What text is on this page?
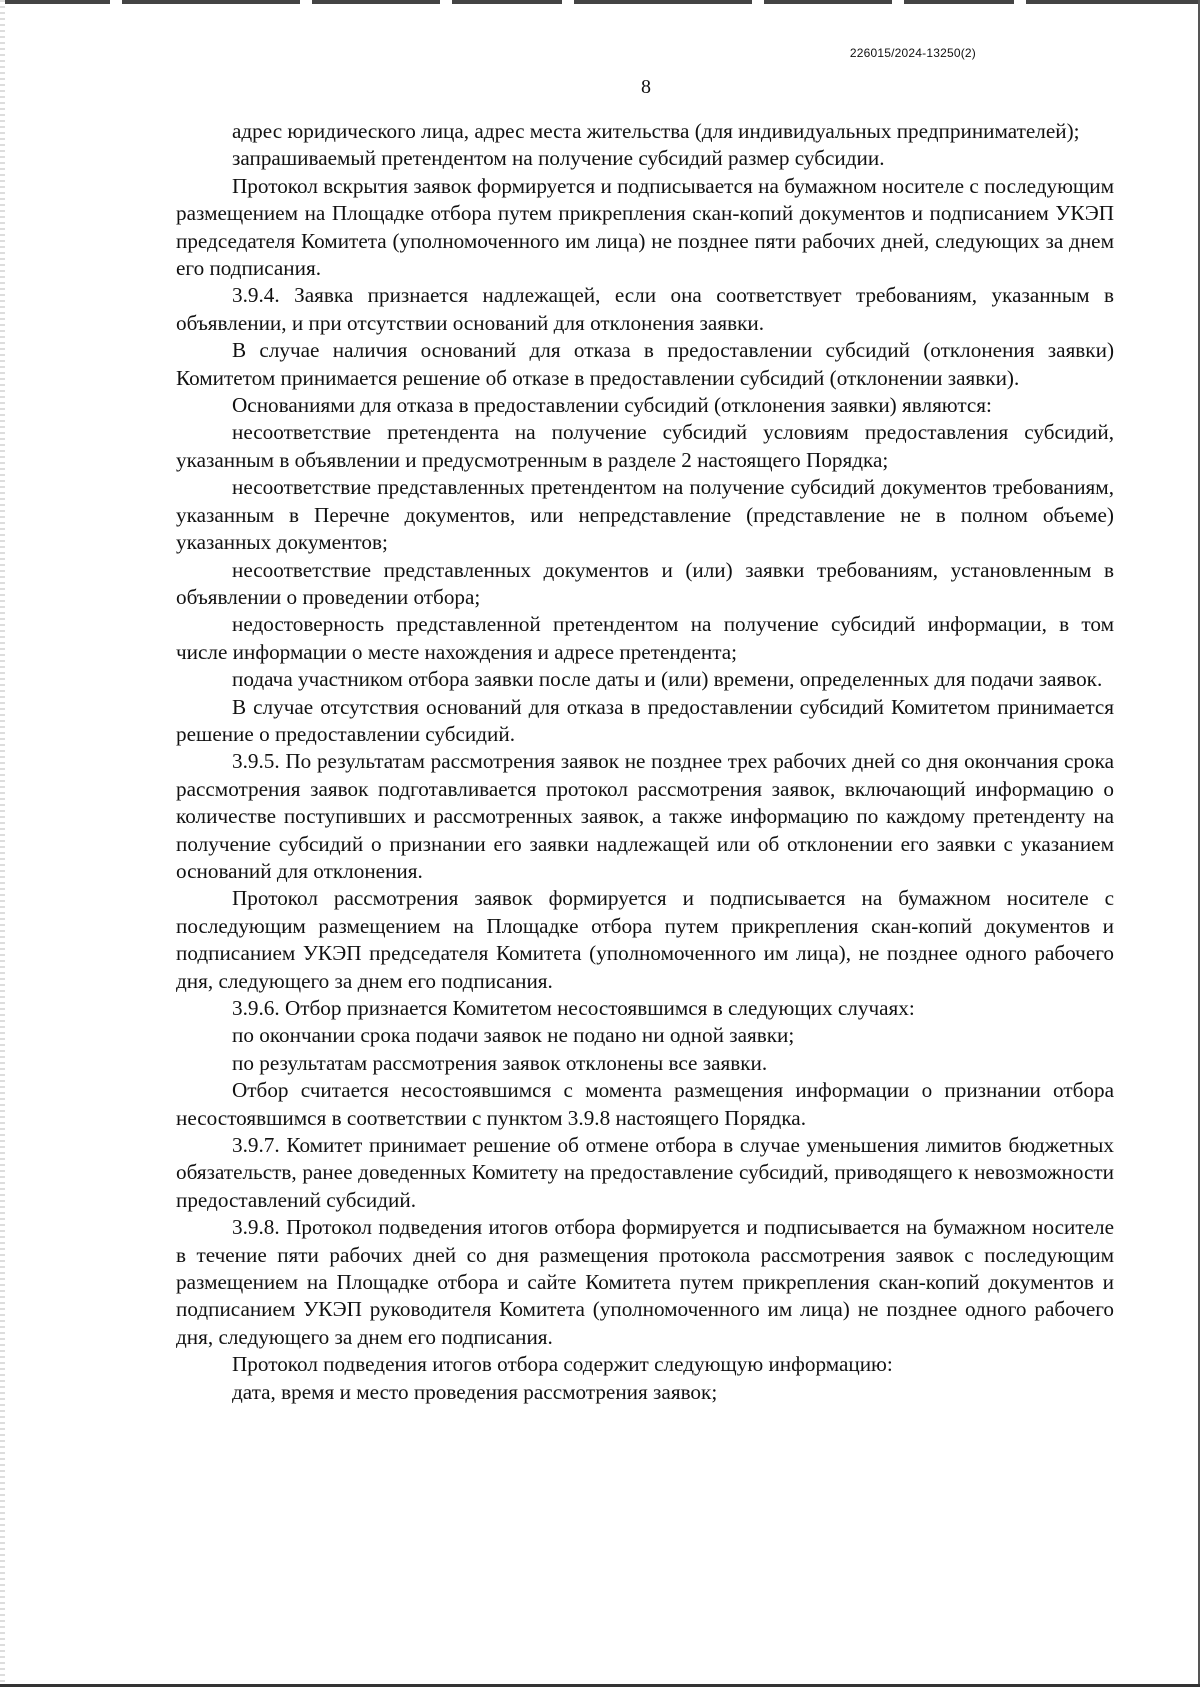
226015/2024-13250(2)
8

адрес юридического лица, адрес места жительства (для индивидуальных предпринимателей);

запрашиваемый претендентом на получение субсидий размер субсидии.

Протокол вскрытия заявок формируется и подписывается на бумажном носителе с последующим размещением на Площадке отбора путем прикрепления скан-копий документов и подписанием УКЭП председателя Комитета (уполномоченного им лица) не позднее пяти рабочих дней, следующих за днем его подписания.

3.9.4. Заявка признается надлежащей, если она соответствует требованиям, указанным в объявлении, и при отсутствии оснований для отклонения заявки.

В случае наличия оснований для отказа в предоставлении субсидий (отклонения заявки) Комитетом принимается решение об отказе в предоставлении субсидий (отклонении заявки).

Основаниями для отказа в предоставлении субсидий (отклонения заявки) являются:

несоответствие претендента на получение субсидий условиям предоставления субсидий, указанным в объявлении и предусмотренным в разделе 2 настоящего Порядка;

несоответствие представленных претендентом на получение субсидий документов требованиям, указанным в Перечне документов, или непредставление (представление не в полном объеме) указанных документов;

несоответствие представленных документов и (или) заявки требованиям, установленным в объявлении о проведении отбора;

недостоверность представленной претендентом на получение субсидий информации, в том числе информации о месте нахождения и адресе претендента;

подача участником отбора заявки после даты и (или) времени, определенных для подачи заявок.

В случае отсутствия оснований для отказа в предоставлении субсидий Комитетом принимается решение о предоставлении субсидий.

3.9.5. По результатам рассмотрения заявок не позднее трех рабочих дней со дня окончания срока рассмотрения заявок подготавливается протокол рассмотрения заявок, включающий информацию о количестве поступивших и рассмотренных заявок, а также информацию по каждому претенденту на получение субсидий о признании его заявки надлежащей или об отклонении его заявки с указанием оснований для отклонения.

Протокол рассмотрения заявок формируется и подписывается на бумажном носителе с последующим размещением на Площадке отбора путем прикрепления скан-копий документов и подписанием УКЭП председателя Комитета (уполномоченного им лица), не позднее одного рабочего дня, следующего за днем его подписания.

3.9.6. Отбор признается Комитетом несостоявшимся в следующих случаях:

по окончании срока подачи заявок не подано ни одной заявки;

по результатам рассмотрения заявок отклонены все заявки.

Отбор считается несостоявшимся с момента размещения информации о признании отбора несостоявшимся в соответствии с пунктом 3.9.8 настоящего Порядка.

3.9.7. Комитет принимает решение об отмене отбора в случае уменьшения лимитов бюджетных обязательств, ранее доведенных Комитету на предоставление субсидий, приводящего к невозможности предоставлений субсидий.

3.9.8. Протокол подведения итогов отбора формируется и подписывается на бумажном носителе в течение пяти рабочих дней со дня размещения протокола рассмотрения заявок с последующим размещением на Площадке отбора и сайте Комитета путем прикрепления скан-копий документов и подписанием УКЭП руководителя Комитета (уполномоченного им лица) не позднее одного рабочего дня, следующего за днем его подписания.

Протокол подведения итогов отбора содержит следующую информацию:

дата, время и место проведения рассмотрения заявок;
